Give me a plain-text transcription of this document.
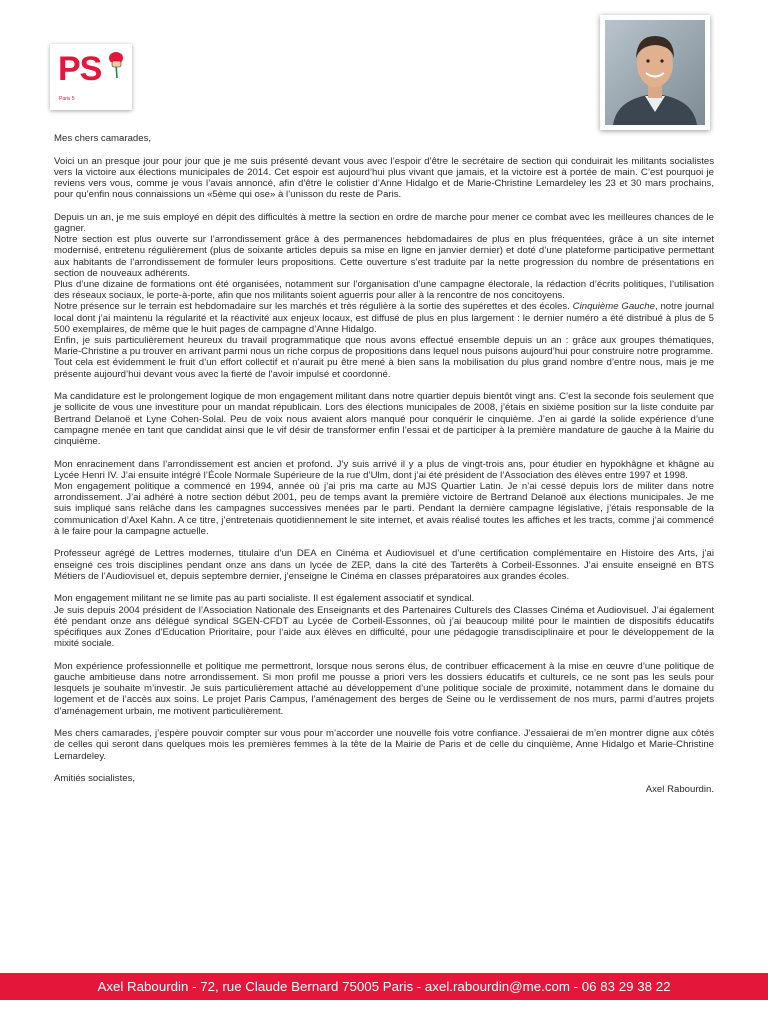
PS
Paris 5

Mes chers camarades,

Voici un an presque jour pour jour que je me suis présenté devant vous avec l’espoir d’être le secrétaire de section qui conduirait les militants socialistes vers la victoire aux élections municipales de 2014. Cet espoir est aujourd’hui plus vivant que jamais, et la victoire est à portée de main. C’est pourquoi je reviens vers vous, comme je vous l’avais annoncé, afin d’être le colistier d’Anne Hidalgo et de Marie-Christine Lemardeley les 23 et 30 mars prochains, pour qu’enfin nous connaissions un «5ème qui ose» à l’unisson du reste de Paris.

Depuis un an, je me suis employé en dépit des difficultés à mettre la section en ordre de marche pour mener ce combat avec les meilleures chances de le gagner.

Notre section est plus ouverte sur l’arrondissement grâce à des permanences hebdomadaires de plus en plus fréquentées, grâce à un site internet modernisé, entretenu régulièrement (plus de soixante articles depuis sa mise en ligne en janvier dernier) et doté d’une plateforme participative permettant aux habitants de l’arrondissement de formuler leurs propositions. Cette ouverture s’est traduite par la nette progression du nombre de présentations en section de nouveaux adhérents.

Plus d’une dizaine de formations ont été organisées, notamment sur l’organisation d’une campagne électorale, la rédaction d’écrits politiques, l’utilisation des réseaux sociaux, le porte-à-porte, afin que nos militants soient aguerris pour aller à la rencontre de nos concitoyens.

Notre présence sur le terrain est hebdomadaire sur les marchés et très régulière à la sortie des supérettes et des écoles. Cinquième Gauche, notre journal local dont j’ai maintenu la régularité et la réactivité aux enjeux locaux, est diffusé de plus en plus largement : le dernier numéro a été distribué à plus de 5 500 exemplaires, de même que le huit pages de campagne d’Anne Hidalgo.

Enfin, je suis particulièrement heureux du travail programmatique que nous avons effectué ensemble depuis un an : grâce aux groupes thématiques, Marie-Christine a pu trouver en arrivant parmi nous un riche corpus de propositions dans lequel nous puisons aujourd’hui pour construire notre programme.

Tout cela est évidemment le fruit d’un effort collectif et n’aurait pu être mené à bien sans la mobilisation du plus grand nombre d’entre nous, mais je me présente aujourd’hui devant vous avec la fierté de l’avoir impulsé et coordonné.

Ma candidature est le prolongement logique de mon engagement militant dans notre quartier depuis bientôt vingt ans. C’est la seconde fois seulement que je sollicite de vous une investiture pour un mandat républicain. Lors des élections municipales de 2008, j’étais en sixième position sur la liste conduite par Bertrand Delanoë et Lyne Cohen-Solal. Peu de voix nous avaient alors manqué pour conquérir le cinquième. J’en ai gardé la solide expérience d’une campagne menée en tant que candidat ainsi que le vif désir de transformer enfin l’essai et de participer à la première mandature de gauche à la Mairie du cinquième.

Mon enracinement dans l’arrondissement est ancien et profond. J’y suis arrivé il y a plus de vingt-trois ans, pour étudier en hypokhâgne et khâgne au Lycée Henri IV. J’ai ensuite intégré l’École Normale Supérieure de la rue d’Ulm, dont j’ai été président de l’Association des élèves entre 1997 et 1998.

Mon engagement politique a commencé en 1994, année où j’ai pris ma carte au MJS Quartier Latin. Je n’ai cessé depuis lors de militer dans notre arrondissement. J’ai adhéré à notre section début 2001, peu de temps avant la première victoire de Bertrand Delanoë aux élections municipales. Je me suis impliqué sans relâche dans les campagnes successives menées par le parti. Pendant la dernière campagne législative, j’étais responsable de la communication d’Axel Kahn. A ce titre, j’entretenais quotidiennement le site internet, et avais réalisé toutes les affiches et les tracts, comme j’ai commencé à le faire pour la campagne actuelle.

Professeur agrégé de Lettres modernes, titulaire d’un DEA en Cinéma et Audiovisuel et d’une certification complémentaire en Histoire des Arts, j’ai enseigné ces trois disciplines pendant onze ans dans un lycée de ZEP, dans la cité des Tarterêts à Corbeil-Essonnes. J’ai ensuite enseigné en BTS Métiers de l’Audiovisuel et, depuis septembre dernier, j’enseigne le Cinéma en classes préparatoires aux grandes écoles.

Mon engagement militant ne se limite pas au parti socialiste. Il est également associatif et syndical.

Je suis depuis 2004 président de l’Association Nationale des Enseignants et des Partenaires Culturels des Classes Cinéma et Audiovisuel. J’ai également été pendant onze ans délégué syndical SGEN-CFDT au Lycée de Corbeil-Essonnes, où j’ai beaucoup milité pour le maintien de dispositifs éducatifs spécifiques aux Zones d’Education Prioritaire, pour l’aide aux élèves en difficulté, pour une pédagogie transdisciplinaire et pour le développement de la mixité sociale.

Mon expérience professionnelle et politique me permettront, lorsque nous serons élus, de contribuer efficacement à la mise en œuvre d’une politique de gauche ambitieuse dans notre arrondissement. Si mon profil me pousse a priori vers les dossiers éducatifs et culturels, ce ne sont pas les seuls pour lesquels je souhaite m’investir. Je suis particulièrement attaché au développement d’une politique sociale de proximité, notamment dans le domaine du logement et de l’accès aux soins. Le projet Paris Campus, l’aménagement des berges de Seine ou le verdissement de nos murs, parmi d’autres projets d’aménagement urbain, me motivent particulièrement.

Mes chers camarades, j’espère pouvoir compter sur vous pour m’accorder une nouvelle fois votre confiance. J’essaierai de m’en montrer digne aux côtés de celles qui seront dans quelques mois les premières femmes à la tête de la Mairie de Paris et de celle du cinquième, Anne Hidalgo et Marie-Christine Lemardeley.

Amitiés socialistes,

Axel Rabourdin.

Axel Rabourdin - 72, rue Claude Bernard 75005 Paris - axel.rabourdin@me.com - 06 83 29 38 22
